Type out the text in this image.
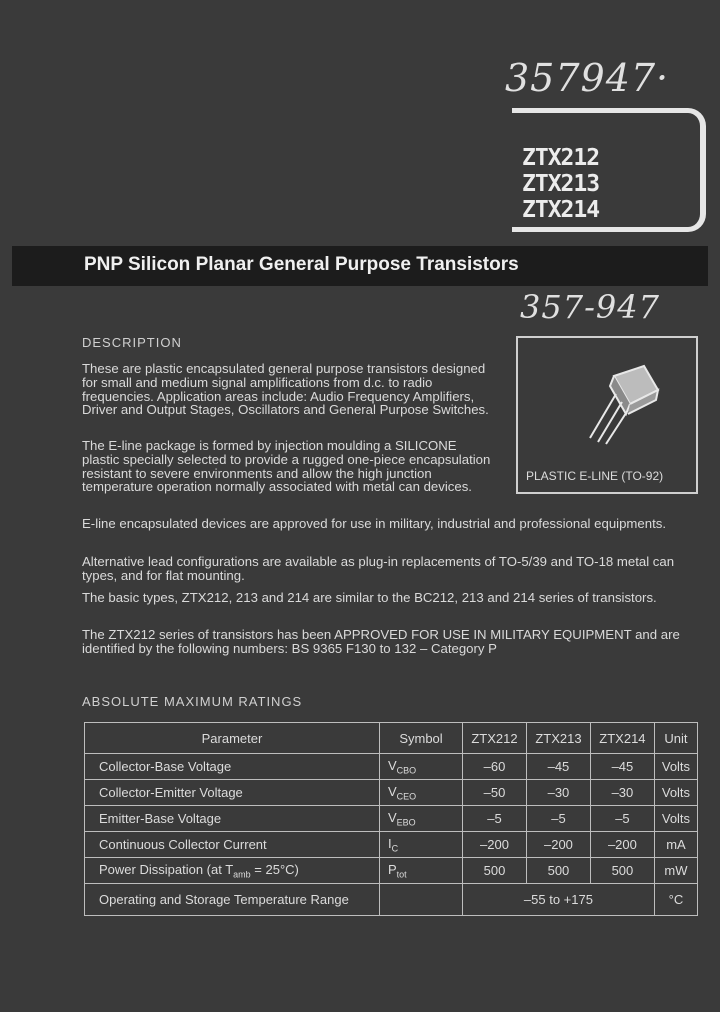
357947·
ZTX212
ZTX213
ZTX214
PNP Silicon Planar General Purpose Transistors
357-947
PLASTIC E-LINE (TO-92)
DESCRIPTION
These are plastic encapsulated general purpose transistors designed for small and medium signal amplifications from d.c. to radio frequencies. Application areas include: Audio Frequency Amplifiers, Driver and Output Stages, Oscillators and General Purpose Switches.
The E-line package is formed by injection moulding a SILICONE plastic specially selected to provide a rugged one-piece encapsulation resistant to severe environments and allow the high junction temperature operation normally associated with metal can devices.
E-line encapsulated devices are approved for use in military, industrial and professional equipments.
Alternative lead configurations are available as plug-in replacements of TO-5/39 and TO-18 metal can types, and for flat mounting.
The basic types, ZTX212, 213 and 214 are similar to the BC212, 213 and 214 series of transistors.
The ZTX212 series of transistors has been APPROVED FOR USE IN MILITARY EQUIPMENT and are identified by the following numbers: BS 9365 F130 to 132 – Category P
ABSOLUTE MAXIMUM RATINGS
Parameter	Symbol	ZTX212	ZTX213	ZTX214	Unit
Collector-Base Voltage	$V_{CBO}$	–60	–45	–45	Volts
Collector-Emitter Voltage	$V_{CEO}$	–50	–30	–30	Volts
Emitter-Base Voltage	$V_{EBO}$	–5	–5	–5	Volts
Continuous Collector Current	$I_C$	–200	–200	–200	mA
Power Dissipation (at $T_{amb} = 25^\circ C$)	$P_{tot}$	500	500	500	mW
Operating and Storage Temperature Range		–55 to +175			°C
